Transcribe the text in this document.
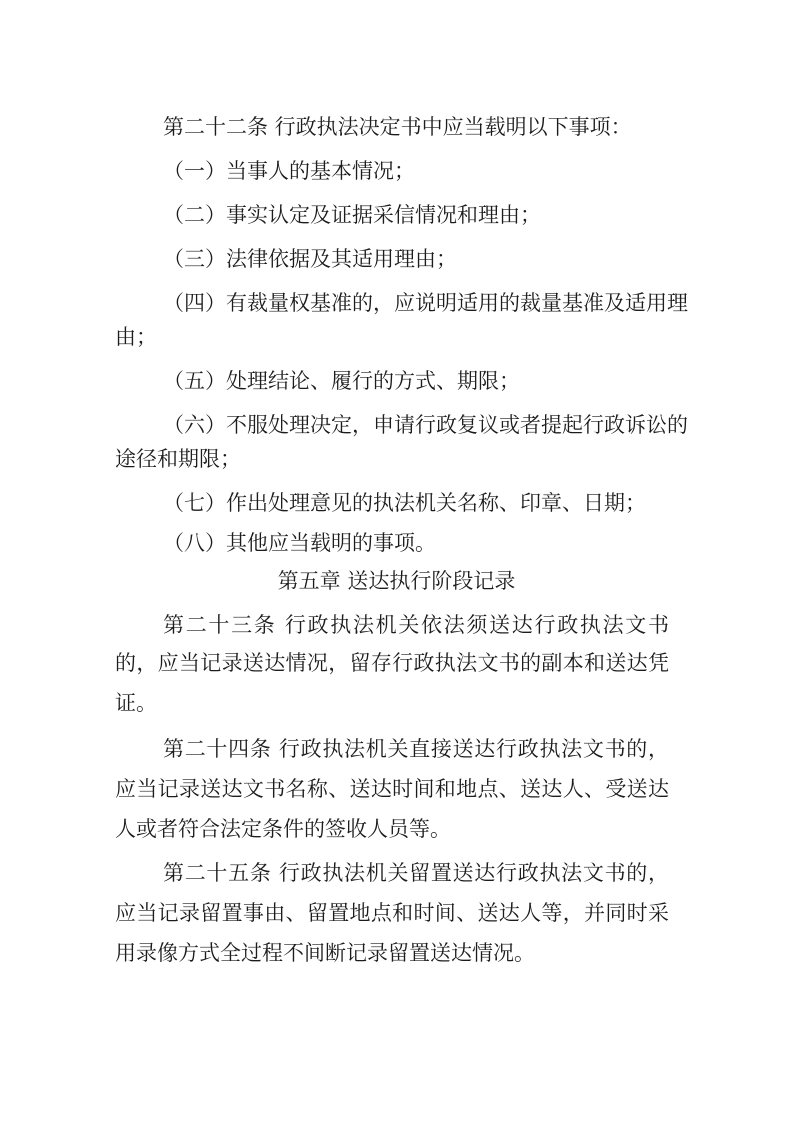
第二十二条 行政执法决定书中应当载明以下事项：

（一）当事人的基本情况；

（二）事实认定及证据采信情况和理由；

（三）法律依据及其适用理由；

（四）有裁量权基准的，应说明适用的裁量基准及适用理

由；

（五）处理结论、履行的方式、期限；

（六）不服处理决定，申请行政复议或者提起行政诉讼的

途径和期限；

（七）作出处理意见的执法机关名称、印章、日期；

（八）其他应当载明的事项。

第五章 送达执行阶段记录

第二十三条 行政执法机关依法须送达行政执法文书

的，应当记录送达情况，留存行政执法文书的副本和送达凭

证。

第二十四条 行政执法机关直接送达行政执法文书的，

应当记录送达文书名称、送达时间和地点、送达人、受送达

人或者符合法定条件的签收人员等。

第二十五条 行政执法机关留置送达行政执法文书的，

应当记录留置事由、留置地点和时间、送达人等，并同时采

用录像方式全过程不间断记录留置送达情况。
